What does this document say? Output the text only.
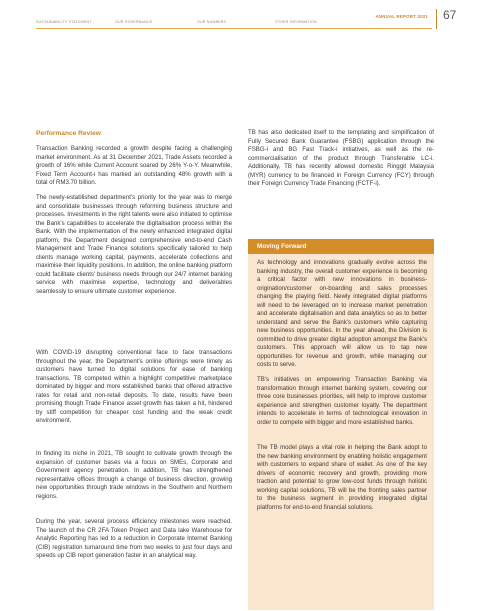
SUSTAINABILITY STATEMENT	OUR GOVERNANCE	OUR NUMBERS	OTHER INFORMATION
ANNUAL REPORT 2021 67
Performance Review

Transaction Banking recorded a growth despite facing a challenging market environment. As at 31 December 2021, Trade Assets recorded a growth of 16% while Current Account soared by 26% Y-o-Y. Meanwhile, Fixed Term Account-i has marked an outstanding 48% growth with a total of RM3.70 billion.

The newly-established department's priority for the year was to merge and consolidate businesses through reforming business structure and processes. Investments in the right talents were also initiated to optimise the Bank's capabilities to accelerate the digitalisation process within the Bank. With the implementation of the newly enhanced integrated digital platform, the Department designed comprehensive end-to-end Cash Management and Trade Finance solutions specifically tailored to help clients manage working capital, payments, accelerate collections and maximise their liquidity positions. In addition, the online banking platform could facilitate clients' business needs through our 24/7 internet banking service with maximise expertise, technology and deliverables seamlessly to ensure ultimate customer experience.

With COVID-19 disrupting conventional face to face transactions throughout the year, the Department's online offerings were timely as customers have turned to digital solutions for ease of banking transactions. TB competed within a highlight competitive marketplace dominated by bigger and more established banks that offered attractive rates for retail and non-retail deposits. To date, results have been promising though Trade Finance asset growth has taken a hit, hindered by stiff competition for cheaper cost funding and the weak credit environment.

In finding its niche in 2021, TB sought to cultivate growth through the expansion of customer bases via a focus on SMEs, Corporate and Government agency penetration. In addition, TB has strengthened representative offices through a change of business direction, growing new opportunities through trade windows in the Southern and Northern regions.

During the year, several process efficiency milestones were reached. The launch of the CR 2FA Token Project and Data lake Warehouse for Analytic Reporting has led to a reduction in Corporate Internet Banking (CIB) registration turnaround time from two weeks to just four days and speeds up CIB report generation faster in an analytical way.

TB has also dedicated itself to the templating and simplification of Fully Secured Bank Guarantee (FSBG) application through the FSBG-i and BG Fast Track-i initiatives, as well as the re-commercialisation of the product through Transferable LC-i. Additionally, TB has recently allowed domestic Ringgit Malaysia (MYR) currency to be financed in Foreign Currency (FCY) through their Foreign Currency Trade Financing (FCTF-i).

Moving Forward

As technology and innovations gradually evolve across the banking industry, the overall customer experience is becoming a critical factor with new innovations in business-origination/customer on-boarding and sales processes changing the playing field. Newly integrated digital platforms will need to be leveraged on to increase market penetration and accelerate digitalisation and data analytics so as to better understand and serve the Bank's customers while capturing new business opportunities. In the year ahead, the Division is committed to drive greater digital adoption amongst the Bank's customers. This approach will allow us to tap new opportunities for revenue and growth, while managing our costs to serve.

TB's initiatives on empowering Transaction Banking via transformation through internet banking system, covering our three core businesses priorities, will help to improve customer experience and strengthen customer loyalty. The department intends to accelerate in terms of technological innovation in order to compete with bigger and more established banks.

The TB model plays a vital role in helping the Bank adopt to the new banking environment by enabling holistic engagement with customers to expand share of wallet. As one of the key drivers of economic recovery and growth, providing more traction and potential to grow low-cost funds through holistic working capital solutions, TB will be the fronting sales partner to the business segment in providing integrated digital platforms for end-to-end financial solutions.
